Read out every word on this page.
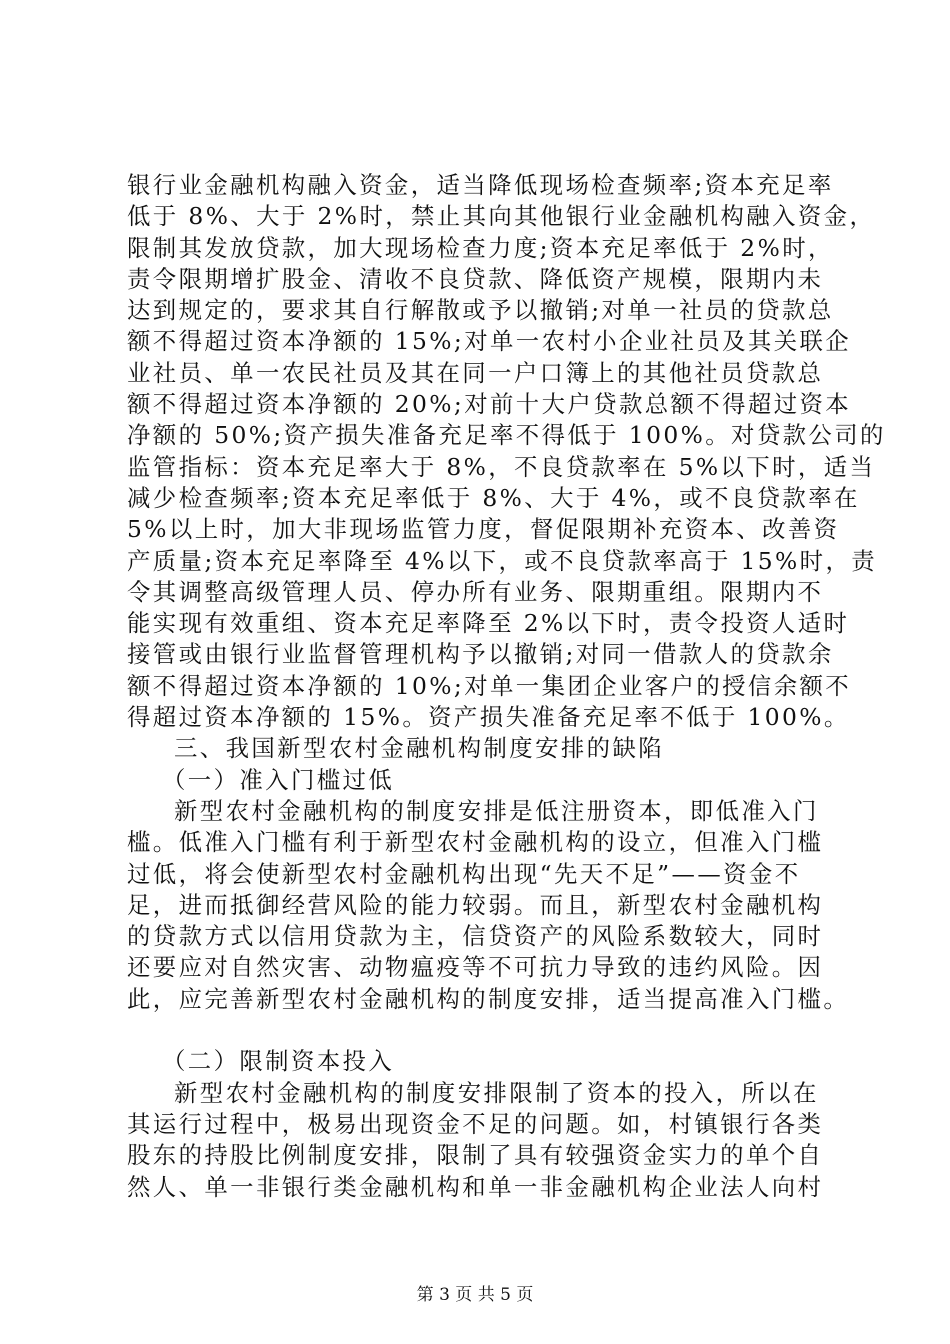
银行业金融机构融入资金，适当降低现场检查频率;资本充足率
低于 8%、大于 2%时，禁止其向其他银行业金融机构融入资金，
限制其发放贷款，加大现场检查力度;资本充足率低于 2%时，
责令限期增扩股金、清收不良贷款、降低资产规模，限期内未
达到规定的，要求其自行解散或予以撤销;对单一社员的贷款总
额不得超过资本净额的 15%;对单一农村小企业社员及其关联企
业社员、单一农民社员及其在同一户口簿上的其他社员贷款总
额不得超过资本净额的 20%;对前十大户贷款总额不得超过资本
净额的 50%;资产损失准备充足率不得低于 100%。对贷款公司的
监管指标：资本充足率大于 8%，不良贷款率在 5%以下时，适当
减少检查频率;资本充足率低于 8%、大于 4%，或不良贷款率在
5%以上时，加大非现场监管力度，督促限期补充资本、改善资
产质量;资本充足率降至 4%以下，或不良贷款率高于 15%时，责
令其调整高级管理人员、停办所有业务、限期重组。限期内不
能实现有效重组、资本充足率降至 2%以下时，责令投资人适时
接管或由银行业监督管理机构予以撤销;对同一借款人的贷款余
额不得超过资本净额的 10%;对单一集团企业客户的授信余额不
得超过资本净额的 15%。资产损失准备充足率不低于 100%。
三、我国新型农村金融机构制度安排的缺陷
（一）准入门槛过低
新型农村金融机构的制度安排是低注册资本，即低准入门
槛。低准入门槛有利于新型农村金融机构的设立，但准入门槛
过低，将会使新型农村金融机构出现“先天不足”——资金不
足，进而抵御经营风险的能力较弱。而且，新型农村金融机构
的贷款方式以信用贷款为主，信贷资产的风险系数较大，同时
还要应对自然灾害、动物瘟疫等不可抗力导致的违约风险。因
此，应完善新型农村金融机构的制度安排，适当提高准入门槛。
（二）限制资本投入
新型农村金融机构的制度安排限制了资本的投入，所以在
其运行过程中，极易出现资金不足的问题。如，村镇银行各类
股东的持股比例制度安排，限制了具有较强资金实力的单个自
然人、单一非银行类金融机构和单一非金融机构企业法人向村
第 3 页 共 5 页
